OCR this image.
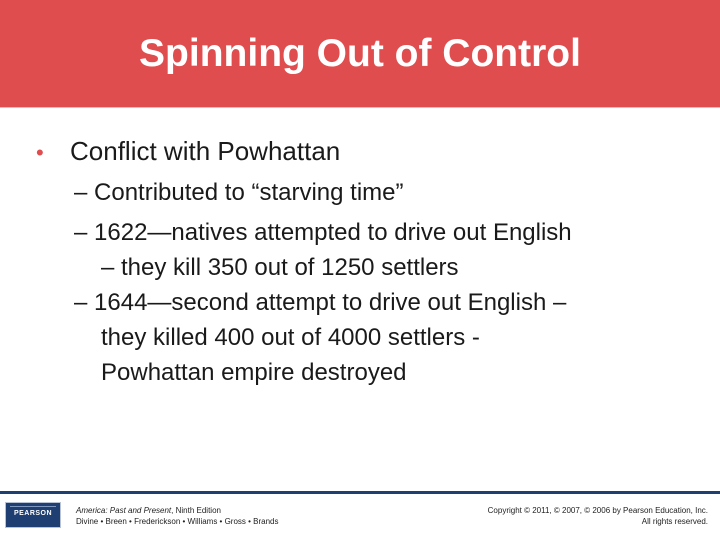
Spinning Out of Control
• Conflict with Powhattan
– Contributed to “starving time”
– 1622—natives attempted to drive out English
– they kill 350 out of 1250 settlers
– 1644—second attempt to drive out English –
they killed 400 out of 4000 settlers -
Powhattan empire destroyed
PEARSON	America: Past and Present, Ninth Edition
Divine • Breen • Frederickson • Williams • Gross • Brands
Copyright © 2011, © 2007, © 2006 by Pearson Education, Inc.
All rights reserved.
